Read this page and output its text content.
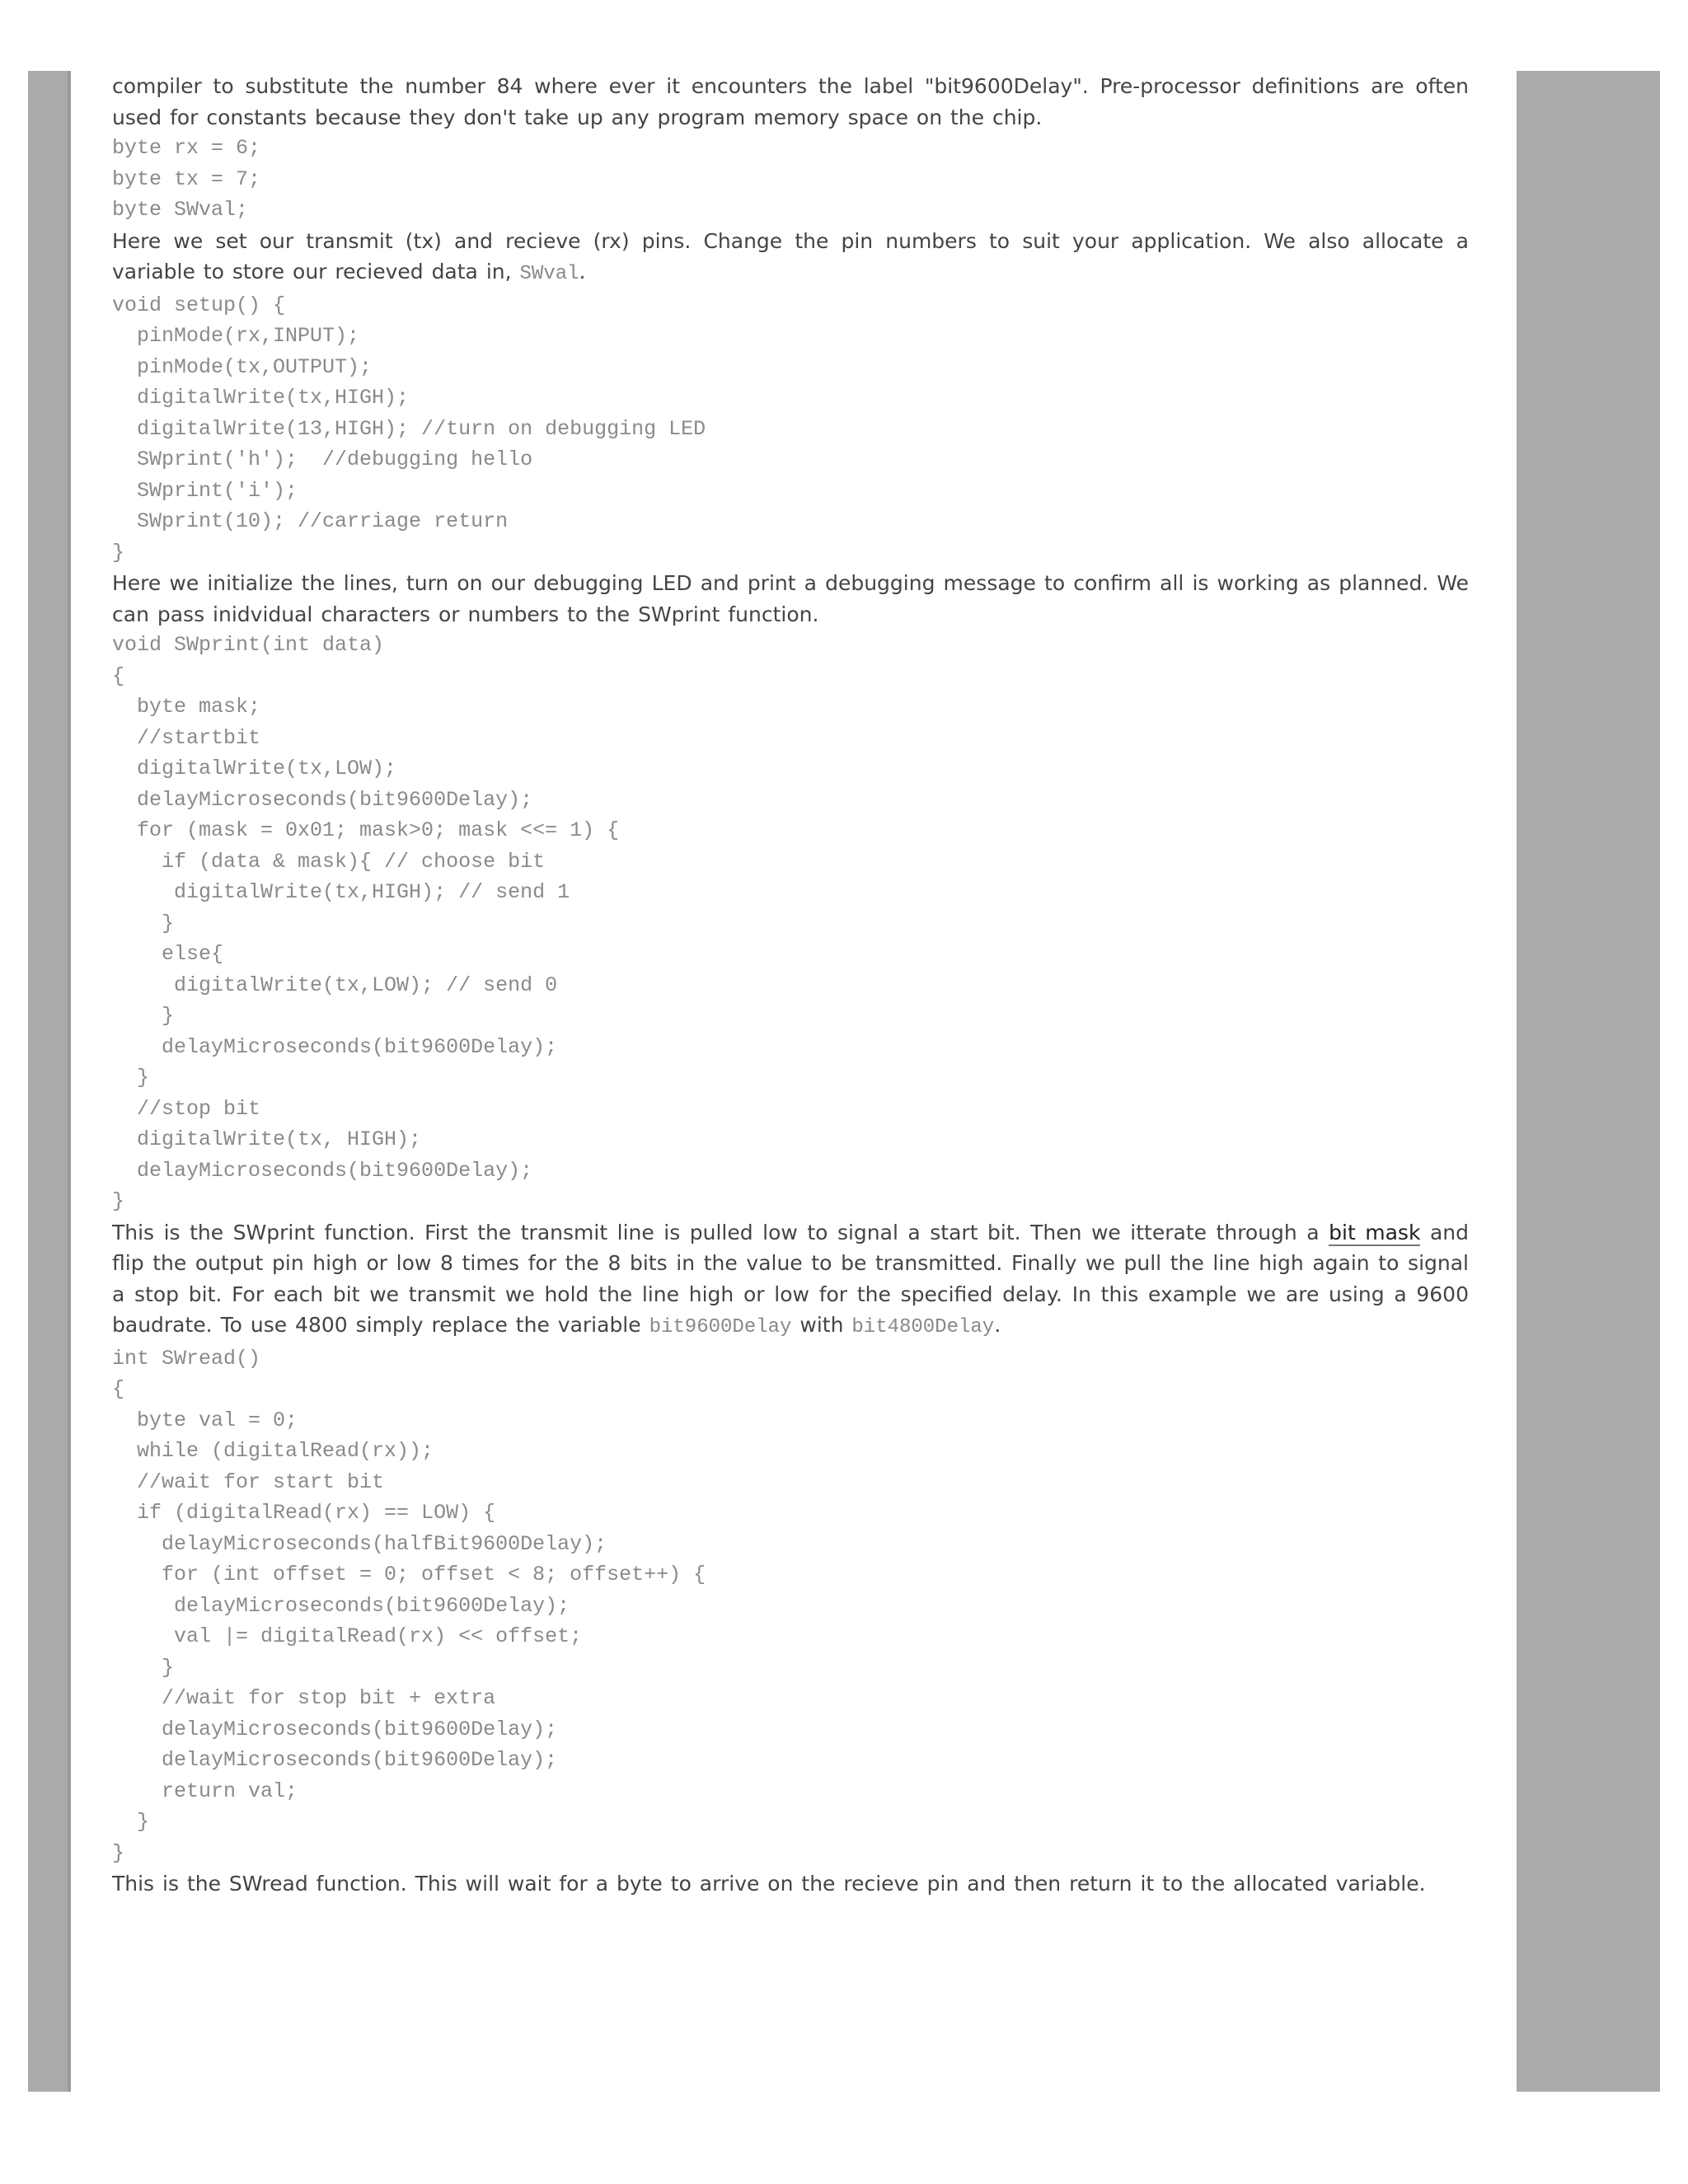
compiler to substitute the number 84 where ever it encounters the label "bit9600Delay". Pre-processor definitions are often used for constants because they don't take up any program memory space on the chip.

byte rx = 6;
byte tx = 7;
byte SWval;

Here we set our transmit (tx) and recieve (rx) pins. Change the pin numbers to suit your application. We also allocate a variable to store our recieved data in, SWval.

void setup() {
pinMode(rx,INPUT);
pinMode(tx,OUTPUT);
digitalWrite(tx,HIGH);
digitalWrite(13,HIGH); //turn on debugging LED
SWprint('h');  //debugging hello
SWprint('i');
SWprint(10); //carriage return
}

Here we initialize the lines, turn on our debugging LED and print a debugging message to confirm all is working as planned. We can pass inidvidual characters or numbers to the SWprint function.

void SWprint(int data)
{
byte mask;
//startbit
digitalWrite(tx,LOW);
delayMicroseconds(bit9600Delay);
for (mask = 0x01; mask>0; mask <<= 1) {
if (data & mask){ // choose bit
digitalWrite(tx,HIGH); // send 1
}
else{
digitalWrite(tx,LOW); // send 0
}
delayMicroseconds(bit9600Delay);
}
//stop bit
digitalWrite(tx, HIGH);
delayMicroseconds(bit9600Delay);
}

This is the SWprint function. First the transmit line is pulled low to signal a start bit. Then we itterate through a bit mask and flip the output pin high or low 8 times for the 8 bits in the value to be transmitted. Finally we pull the line high again to signal a stop bit. For each bit we transmit we hold the line high or low for the specified delay. In this example we are using a 9600 baudrate. To use 4800 simply replace the variable bit9600Delay with bit4800Delay.

int SWread()
{
byte val = 0;
while (digitalRead(rx));
//wait for start bit
if (digitalRead(rx) == LOW) {
delayMicroseconds(halfBit9600Delay);
for (int offset = 0; offset < 8; offset++) {
delayMicroseconds(bit9600Delay);
val |= digitalRead(rx) << offset;
}
//wait for stop bit + extra
delayMicroseconds(bit9600Delay);
delayMicroseconds(bit9600Delay);
return val;
}
}

This is the SWread function. This will wait for a byte to arrive on the recieve pin and then return it to the allocated variable.
